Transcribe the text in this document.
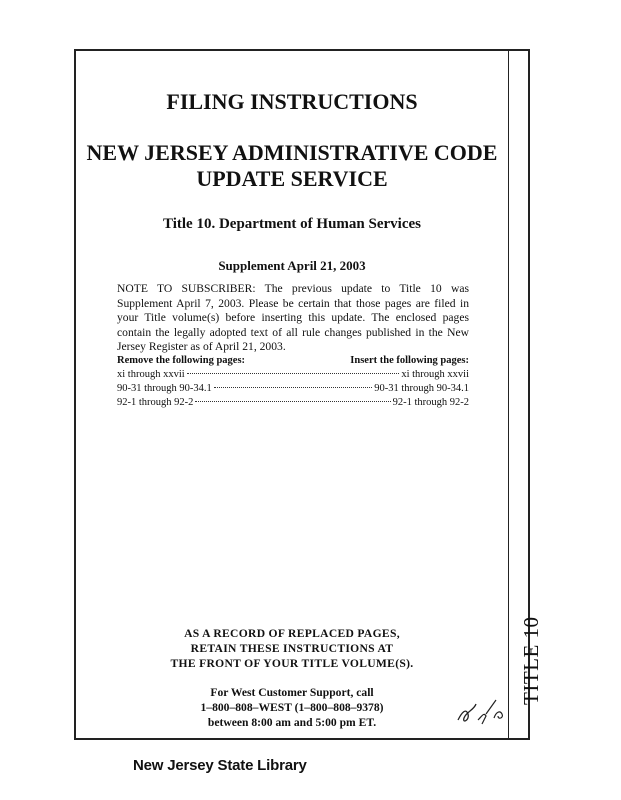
TITLE 10
FILING INSTRUCTIONS
NEW JERSEY ADMINISTRATIVE CODE
UPDATE SERVICE
Title 10. Department of Human Services
Supplement April 21, 2003
NOTE TO SUBSCRIBER: The previous update to Title 10 was Supplement April 7, 2003. Please be certain that those pages are filed in your Title volume(s) before inserting this update. The enclosed pages contain the legally adopted text of all rule changes published in the New Jersey Register as of April 21, 2003.
Remove the following pages:	Insert the following pages:
xi through xxvii	xi through xxvii
90-31 through 90-34.1	90-31 through 90-34.1
92-1 through 92-2	92-1 through 92-2
AS A RECORD OF REPLACED PAGES,
RETAIN THESE INSTRUCTIONS AT
THE FRONT OF YOUR TITLE VOLUME(S).
For West Customer Support, call
1–800–808–WEST (1–800–808–9378)
between 8:00 am and 5:00 pm ET.
New Jersey State Library
